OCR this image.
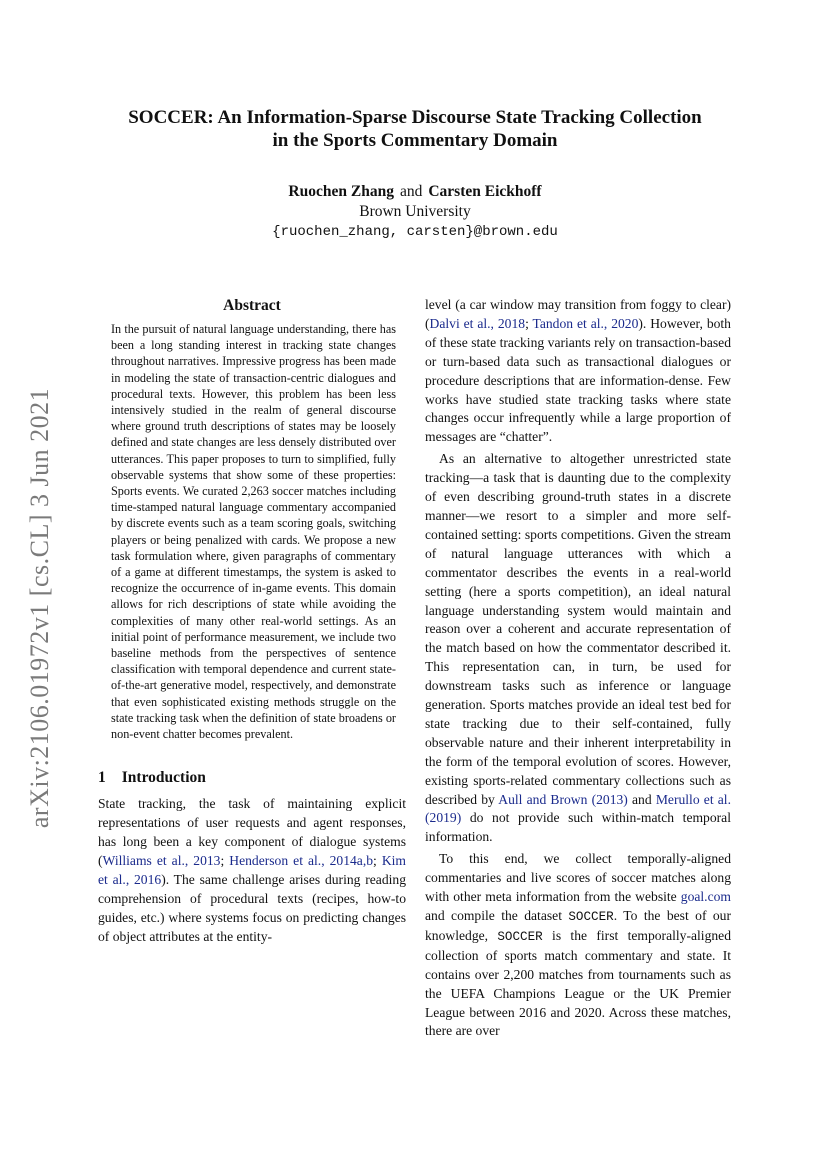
arXiv:2106.01972v1 [cs.CL] 3 Jun 2021
SOCCER: An Information-Sparse Discourse State Tracking Collection
in the Sports Commentary Domain
Ruochen Zhang and Carsten Eickhoff
Brown University
{ruochen_zhang, carsten}@brown.edu
Abstract

In the pursuit of natural language understanding, there has been a long standing interest in tracking state changes throughout narratives. Impressive progress has been made in modeling the state of transaction-centric dialogues and procedural texts. However, this problem has been less intensively studied in the realm of general discourse where ground truth descriptions of states may be loosely defined and state changes are less densely distributed over utterances. This paper proposes to turn to simplified, fully observable systems that show some of these properties: Sports events. We curated 2,263 soccer matches including time-stamped natural language commentary accompanied by discrete events such as a team scoring goals, switching players or being penalized with cards. We propose a new task formulation where, given paragraphs of commentary of a game at different timestamps, the system is asked to recognize the occurrence of in-game events. This domain allows for rich descriptions of state while avoiding the complexities of many other real-world settings. As an initial point of performance measurement, we include two baseline methods from the perspectives of sentence classification with temporal dependence and current state-of-the-art generative model, respectively, and demonstrate that even sophisticated existing methods struggle on the state tracking task when the definition of state broadens or non-event chatter becomes prevalent.

1 Introduction

State tracking, the task of maintaining explicit representations of user requests and agent responses, has long been a key component of dialogue systems (Williams et al., 2013; Henderson et al., 2014a,b; Kim et al., 2016). The same challenge arises during reading comprehension of procedural texts (recipes, how-to guides, etc.) where systems focus on predicting changes of object attributes at the entity-

level (a car window may transition from foggy to clear) (Dalvi et al., 2018; Tandon et al., 2020). However, both of these state tracking variants rely on transaction-based or turn-based data such as transactional dialogues or procedure descriptions that are information-dense. Few works have studied state tracking tasks where state changes occur infrequently while a large proportion of messages are “chatter”.

As an alternative to altogether unrestricted state tracking—a task that is daunting due to the complexity of even describing ground-truth states in a discrete manner—we resort to a simpler and more self-contained setting: sports competitions. Given the stream of natural language utterances with which a commentator describes the events in a real-world setting (here a sports competition), an ideal natural language understanding system would maintain and reason over a coherent and accurate representation of the match based on how the commentator described it. This representation can, in turn, be used for downstream tasks such as inference or language generation. Sports matches provide an ideal test bed for state tracking due to their self-contained, fully observable nature and their inherent interpretability in the form of the temporal evolution of scores. However, existing sports-related commentary collections such as described by Aull and Brown (2013) and Merullo et al. (2019) do not provide such within-match temporal information.

To this end, we collect temporally-aligned commentaries and live scores of soccer matches along with other meta information from the website goal.com and compile the dataset SOCCER. To the best of our knowledge, SOCCER is the first temporally-aligned collection of sports match commentary and state. It contains over 2,200 matches from tournaments such as the UEFA Champions League or the UK Premier League between 2016 and 2020. Across these matches, there are over
